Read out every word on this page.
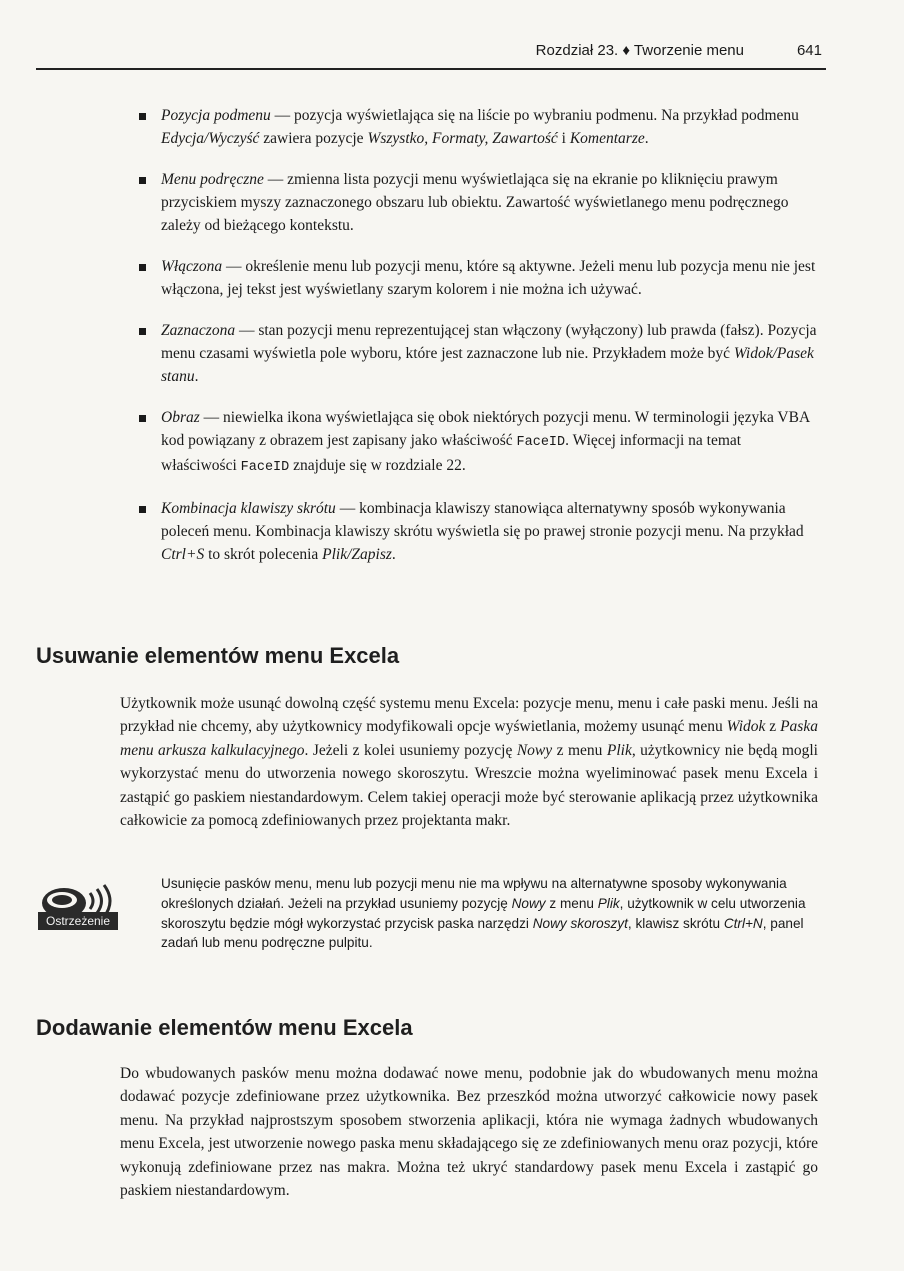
Rozdział 23. ♦ Tworzenie menu	641
Pozycja podmenu — pozycja wyświetlająca się na liście po wybraniu podmenu. Na przykład podmenu Edycja/Wyczyść zawiera pozycje Wszystko, Formaty, Zawartość i Komentarze.
Menu podręczne — zmienna lista pozycji menu wyświetlająca się na ekranie po kliknięciu prawym przyciskiem myszy zaznaczonego obszaru lub obiektu. Zawartość wyświetlanego menu podręcznego zależy od bieżącego kontekstu.
Włączona — określenie menu lub pozycji menu, które są aktywne. Jeżeli menu lub pozycja menu nie jest włączona, jej tekst jest wyświetlany szarym kolorem i nie można ich używać.
Zaznaczona — stan pozycji menu reprezentującej stan włączony (wyłączony) lub prawda (fałsz). Pozycja menu czasami wyświetla pole wyboru, które jest zaznaczone lub nie. Przykładem może być Widok/Pasek stanu.
Obraz — niewielka ikona wyświetlająca się obok niektórych pozycji menu. W terminologii języka VBA kod powiązany z obrazem jest zapisany jako właściwość FaceID. Więcej informacji na temat właściwości FaceID znajduje się w rozdziale 22.
Kombinacja klawiszy skrótu — kombinacja klawiszy stanowiąca alternatywny sposób wykonywania poleceń menu. Kombinacja klawiszy skrótu wyświetla się po prawej stronie pozycji menu. Na przykład Ctrl+S to skrót polecenia Plik/Zapisz.
Usuwanie elementów menu Excela

Użytkownik może usunąć dowolną część systemu menu Excela: pozycje menu, menu i całe paski menu. Jeśli na przykład nie chcemy, aby użytkownicy modyfikowali opcje wyświetlania, możemy usunąć menu Widok z Paska menu arkusza kalkulacyjnego. Jeżeli z kolei usuniemy pozycję Nowy z menu Plik, użytkownicy nie będą mogli wykorzystać menu do utworzenia nowego skoroszytu. Wreszcie można wyeliminować pasek menu Excela i zastąpić go paskiem niestandardowym. Celem takiej operacji może być sterowanie aplikacją przez użytkownika całkowicie za pomocą zdefiniowanych przez projektanta makr.

Ostrzeżenie

Usunięcie pasków menu, menu lub pozycji menu nie ma wpływu na alternatywne sposoby wykonywania określonych działań. Jeżeli na przykład usuniemy pozycję Nowy z menu Plik, użytkownik w celu utworzenia skoroszytu będzie mógł wykorzystać przycisk paska narzędzi Nowy skoroszyt, klawisz skrótu Ctrl+N, panel zadań lub menu podręczne pulpitu.

Dodawanie elementów menu Excela

Do wbudowanych pasków menu można dodawać nowe menu, podobnie jak do wbudowanych menu można dodawać pozycje zdefiniowane przez użytkownika. Bez przeszkód można utworzyć całkowicie nowy pasek menu. Na przykład najprostszym sposobem stworzenia aplikacji, która nie wymaga żadnych wbudowanych menu Excela, jest utworzenie nowego paska menu składającego się ze zdefiniowanych menu oraz pozycji, które wykonują zdefiniowane przez nas makra. Można też ukryć standardowy pasek menu Excela i zastąpić go paskiem niestandardowym.
